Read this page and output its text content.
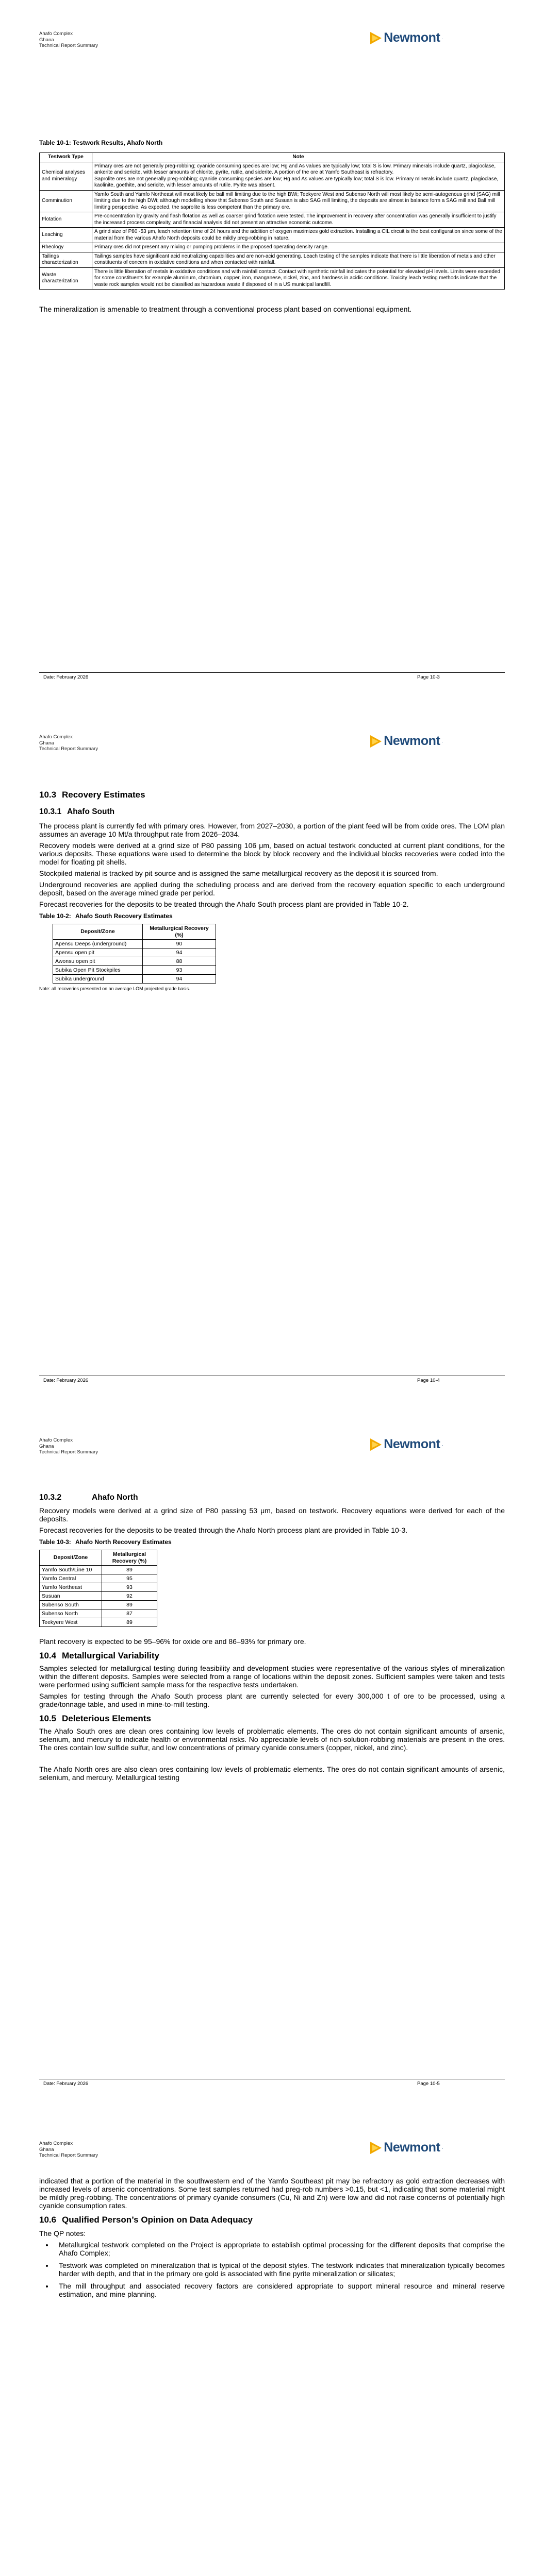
Ahafo Complex
Ghana
Technical Report Summary
Newmont .
Table 10-1: Testwork Results, Ahafo North
Testwork Type	Note
Chemical analyses and mineralogy	Primary ores are not generally preg-robbing; cyanide consuming species are low; Hg and As values are typically low; total S is low. Primary minerals include quartz, plagioclase, ankerite and sericite, with lesser amounts of chlorite, pyrite, rutile, and siderite. A portion of the ore at Yamfo Southeast is refractory.
Saprolite ores are not generally preg-robbing; cyanide consuming species are low; Hg and As values are typically low; total S is low. Primary minerals include quartz, plagioclase, kaolinite, goethite, and sericite, with lesser amounts of rutile. Pyrite was absent.
Comminution	Yamfo South and Yamfo Northeast will most likely be ball mill limiting due to the high BWi; Teekyere West and Subenso North will most likely be semi-autogenous grind (SAG) mill limiting due to the high DWi; although modelling show that Subenso South and Susuan is also SAG mill limiting, the deposits are almost in balance form a SAG mill and Ball mill limiting perspective. As expected, the saprolite is less competent than the primary ore.
Flotation	Pre-concentration by gravity and flash flotation as well as coarser grind flotation were tested. The improvement in recovery after concentration was generally insufficient to justify the increased process complexity, and financial analysis did not present an attractive economic outcome.
Leaching	A grind size of P80 -53 μm, leach retention time of 24 hours and the addition of oxygen maximizes gold extraction. Installing a CIL circuit is the best configuration since some of the material from the various Ahafo North deposits could be mildly preg-robbing in nature.
Rheology	Primary ores did not present any mixing or pumping problems in the proposed operating density range.
Tailings characterization	Tailings samples have significant acid neutralizing capabilities and are non-acid generating. Leach testing of the samples indicate that there is little liberation of metals and other constituents of concern in oxidative conditions and when contacted with rainfall.
Waste characterization	There is little liberation of metals in oxidative conditions and with rainfall contact. Contact with synthetic rainfall indicates the potential for elevated pH levels. Limits were exceeded for some constituents for example aluminum, chromium, copper, iron, manganese, nickel, zinc, and hardness in acidic conditions. Toxicity leach testing methods indicate that the waste rock samples would not be classified as hazardous waste if disposed of in a US municipal landfill.

The mineralization is amenable to treatment through a conventional process plant based on conventional equipment.

Date: February 2026	Page 10-3
Ahafo Complex
Ghana
Technical Report Summary
Newmont .
10.3 Recovery Estimates
10.3.1 Ahafo South

The process plant is currently fed with primary ores. However, from 2027–2030, a portion of the plant feed will be from oxide ores. The LOM plan assumes an average 10 Mt/a throughput rate from 2026–2034.

Recovery models were derived at a grind size of P80 passing 106 μm, based on actual testwork conducted at current plant conditions, for the various deposits. These equations were used to determine the block by block recovery and the individual blocks recoveries were coded into the model for floating pit shells.

Stockpiled material is tracked by pit source and is assigned the same metallurgical recovery as the deposit it is sourced from.

Underground recoveries are applied during the scheduling process and are derived from the recovery equation specific to each underground deposit, based on the average mined grade per period.

Forecast recoveries for the deposits to be treated through the Ahafo South process plant are provided in Table 10-2.

Table 10-2: Ahafo South Recovery Estimates
Deposit/Zone	Metallurgical Recovery (%)
Apensu Deeps (underground)	90
Apensu open pit	94
Awonsu open pit	88
Subika Open Pit Stockpiles	93
Subika underground	94
Note: all recoveries presented on an average LOM projected grade basis.
Date: February 2026	Page 10-4
Ahafo Complex
Ghana
Technical Report Summary
Newmont .
10.3.2	Ahafo North

Recovery models were derived at a grind size of P80 passing 53 μm, based on testwork. Recovery equations were derived for each of the deposits.

Forecast recoveries for the deposits to be treated through the Ahafo North process plant are provided in Table 10-3.

Table 10-3: Ahafo North Recovery Estimates
Deposit/Zone	Metallurgical Recovery (%)
Yamfo South/Line 10	89
Yamfo Central	95
Yamfo Northeast	93
Susuan	92
Subenso South	89
Subenso North	87
Teekyere West	89

Plant recovery is expected to be 95–96% for oxide ore and 86–93% for primary ore.

10.4 Metallurgical Variability

Samples selected for metallurgical testing during feasibility and development studies were representative of the various styles of mineralization within the different deposits. Samples were selected from a range of locations within the deposit zones. Sufficient samples were taken and tests were performed using sufficient sample mass for the respective tests undertaken.

Samples for testing through the Ahafo South process plant are currently selected for every 300,000 t of ore to be processed, using a grade/tonnage table, and used in mine-to-mill testing.

10.5 Deleterious Elements

The Ahafo South ores are clean ores containing low levels of problematic elements. The ores do not contain significant amounts of arsenic, selenium, and mercury to indicate health or environmental risks. No appreciable levels of rich-solution-robbing materials are present in the ores. The ores contain low sulfide sulfur, and low concentrations of primary cyanide consumers (copper, nickel, and zinc).

The Ahafo North ores are also clean ores containing low levels of problematic elements. The ores do not contain significant amounts of arsenic, selenium, and mercury. Metallurgical testing

Date: February 2026	Page 10-5
Ahafo Complex
Ghana
Technical Report Summary
Newmont .

indicated that a portion of the material in the southwestern end of the Yamfo Southeast pit may be refractory as gold extraction decreases with increased levels of arsenic concentrations. Some test samples returned had preg-rob numbers >0.15, but <1, indicating that some material might be mildly preg-robbing. The concentrations of primary cyanide consumers (Cu, Ni and Zn) were low and did not raise concerns of potentially high cyanide consumption rates.

10.6 Qualified Person’s Opinion on Data Adequacy

The QP notes:

• Metallurgical testwork completed on the Project is appropriate to establish optimal processing for the different deposits that comprise the Ahafo Complex;
• Testwork was completed on mineralization that is typical of the deposit styles. The testwork indicates that mineralization typically becomes harder with depth, and that in the primary ore gold is associated with fine pyrite mineralization or silicates;
• The mill throughput and associated recovery factors are considered appropriate to support mineral resource and mineral reserve estimation, and mine planning.
